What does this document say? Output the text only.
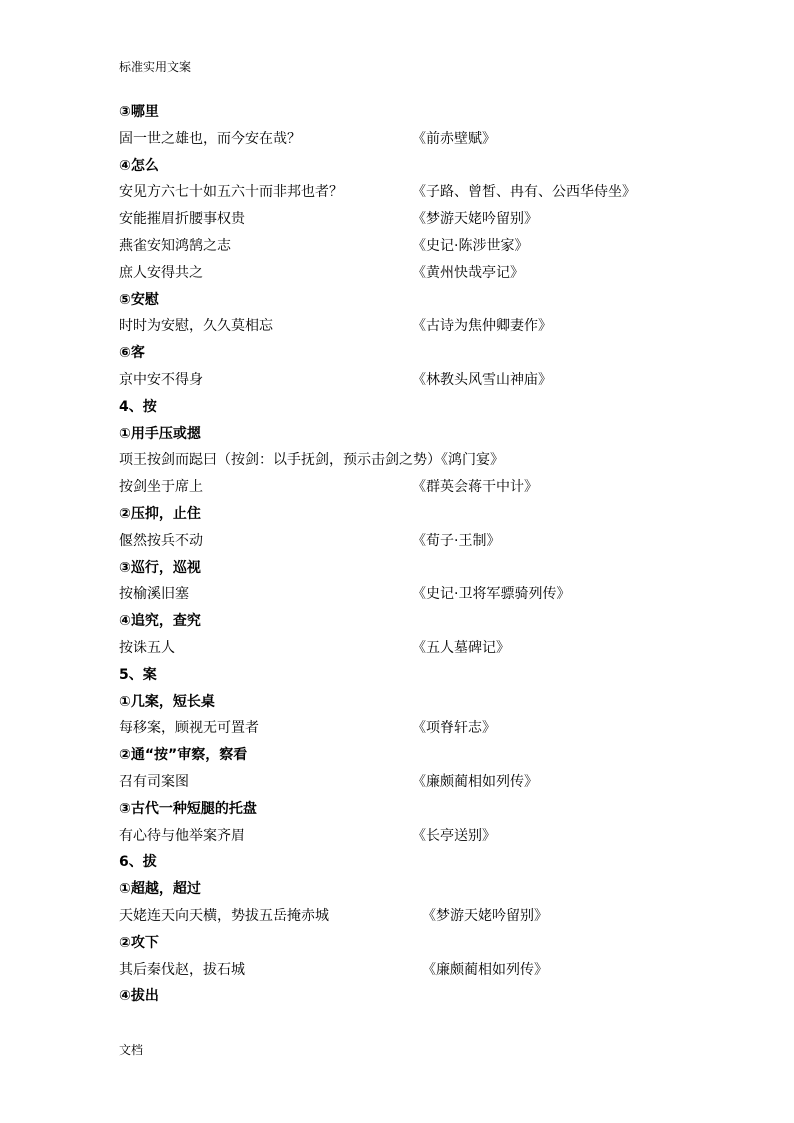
标准实用文案
③哪里
固一世之雄也，而今安在哉？	《前赤壁赋》
④怎么
安见方六七十如五六十而非邦也者？	《子路、曾皙、冉有、公西华侍坐》
安能摧眉折腰事权贵	《梦游天姥吟留别》
燕雀安知鸿鹄之志	《史记·陈涉世家》
庶人安得共之	《黄州快哉亭记》
⑤安慰
时时为安慰，久久莫相忘	《古诗为焦仲卿妻作》
⑥客
京中安不得身	《林教头风雪山神庙》
4、按
①用手压或摁
项王按剑而跽曰（按剑：以手抚剑，预示击剑之势）《鸿门宴》
按剑坐于席上	《群英会蒋干中计》
②压抑，止住
偃然按兵不动	《荀子·王制》
③巡行，巡视
按榆溪旧塞	《史记·卫将军骠骑列传》
④追究，查究
按诛五人	《五人墓碑记》
5、案
①几案，短长桌
每移案，顾视无可置者	《项脊轩志》
②通“按”审察，察看
召有司案图	《廉颇蔺相如列传》
③古代一种短腿的托盘
有心待与他举案齐眉	《长亭送别》
6、拔
①超越，超过
天姥连天向天横，势拔五岳掩赤城	《梦游天姥吟留别》
②攻下
其后秦伐赵，拔石城	《廉颇蔺相如列传》
④拔出
文档
